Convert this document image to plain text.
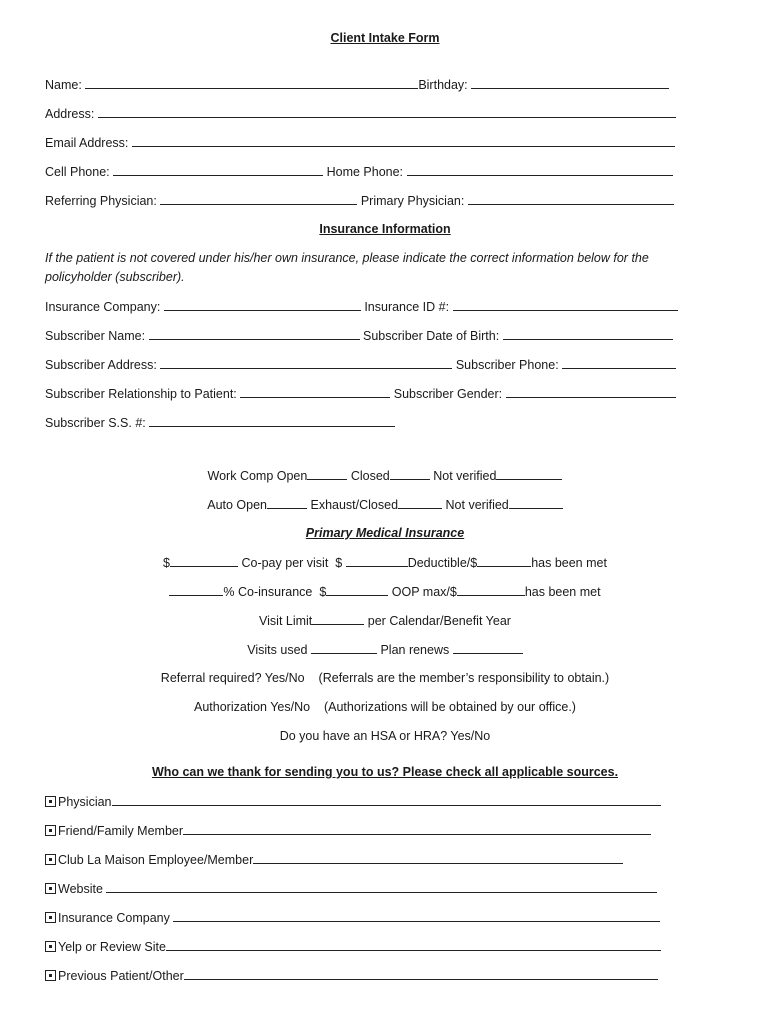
Client Intake Form
Name:	Birthday:
Address:
Email Address:
Cell Phone:	Home Phone:
Referring Physician:	Primary Physician:
Insurance Information
If the patient is not covered under his/her own insurance, please indicate the correct information below for the
policyholder (subscriber).
Insurance Company:	Insurance ID #:
Subscriber Name:	Subscriber Date of Birth:
Subscriber Address:	Subscriber Phone:
Subscriber Relationship to Patient:	Subscriber Gender:
Subscriber S.S. #:
Work Comp Open	Closed	Not verified
Auto Open	Exhaust/Closed	Not verified
Primary Medical Insurance
$	Co-pay per visit $	Deductible/$	has been met
% Co-insurance $	OOP max/$	has been met
Visit Limit	per Calendar/Benefit Year
Visits used	Plan renews
Referral required? Yes/No (Referrals are the member’s responsibility to obtain.)
Authorization Yes/No (Authorizations will be obtained by our office.)
Do you have an HSA or HRA? Yes/No
Who can we thank for sending you to us? Please check all applicable sources.
Physician
Friend/Family Member
Club La Maison Employee/Member
Website
Insurance Company
Yelp or Review Site
Previous Patient/Other
